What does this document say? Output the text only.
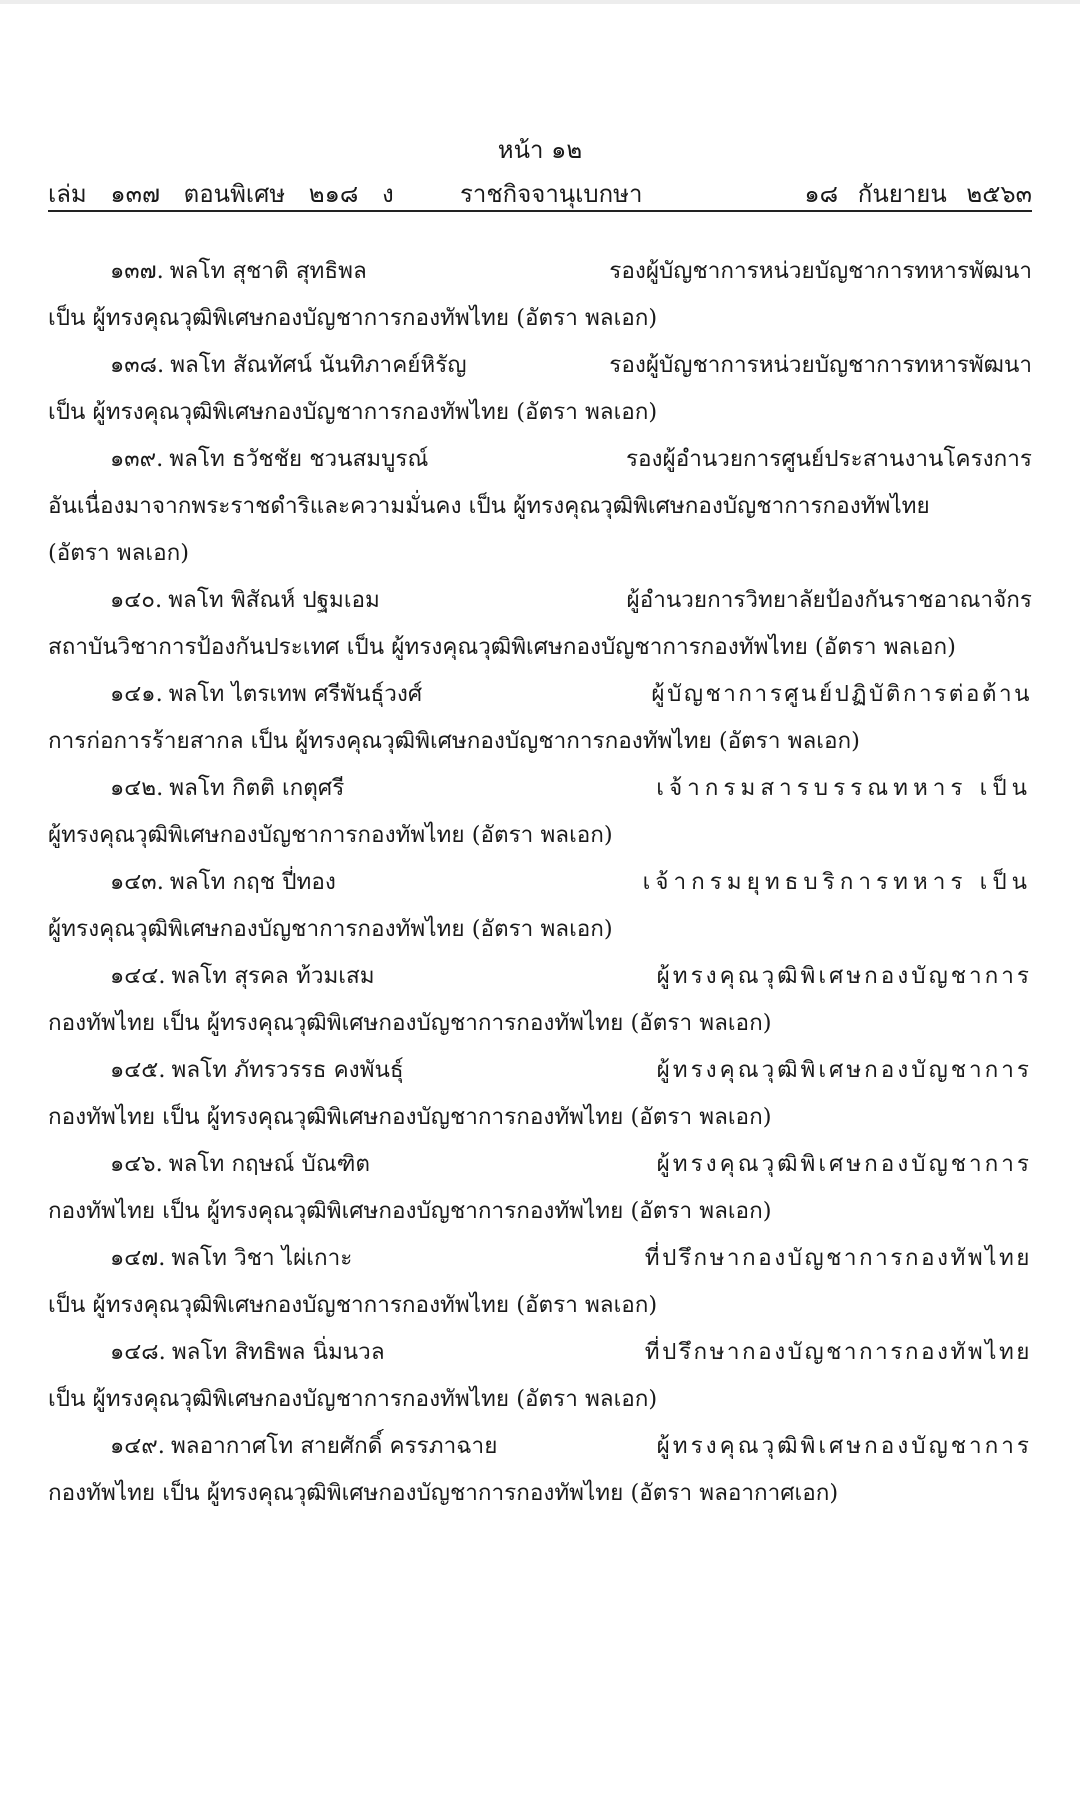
หน้า ๑๒
เล่ม ๑๓๗ ตอนพิเศษ ๒๑๘ ง	ราชกิจจานุเบกษา	๑๘ กันยายน ๒๕๖๓
๑๓๗. พลโท สุชาติ สุทธิพล	รองผู้บัญชาการหน่วยบัญชาการทหารพัฒนา
เป็น ผู้ทรงคุณวุฒิพิเศษกองบัญชาการกองทัพไทย (อัตรา พลเอก)
๑๓๘. พลโท สัณทัศน์ นันทิภาคย์หิรัญ	รองผู้บัญชาการหน่วยบัญชาการทหารพัฒนา
เป็น ผู้ทรงคุณวุฒิพิเศษกองบัญชาการกองทัพไทย (อัตรา พลเอก)
๑๓๙. พลโท ธวัชชัย ชวนสมบูรณ์	รองผู้อำนวยการศูนย์ประสานงานโครงการ
อันเนื่องมาจากพระราชดำริและความมั่นคง เป็น ผู้ทรงคุณวุฒิพิเศษกองบัญชาการกองทัพไทย
(อัตรา พลเอก)
๑๔๐. พลโท พิสัณห์ ปฐมเอม	ผู้อำนวยการวิทยาลัยป้องกันราชอาณาจักร
สถาบันวิชาการป้องกันประเทศ เป็น ผู้ทรงคุณวุฒิพิเศษกองบัญชาการกองทัพไทย (อัตรา พลเอก)
๑๔๑. พลโท ไตรเทพ ศรีพันธุ์วงศ์	ผู้บัญชาการศูนย์ปฏิบัติการต่อต้าน
การก่อการร้ายสากล เป็น ผู้ทรงคุณวุฒิพิเศษกองบัญชาการกองทัพไทย (อัตรา พลเอก)
๑๔๒. พลโท กิตติ เกตุศรี	เจ้ากรมสารบรรณทหาร เป็น
ผู้ทรงคุณวุฒิพิเศษกองบัญชาการกองทัพไทย (อัตรา พลเอก)
๑๔๓. พลโท กฤช ปี่ทอง	เจ้ากรมยุทธบริการทหาร เป็น
ผู้ทรงคุณวุฒิพิเศษกองบัญชาการกองทัพไทย (อัตรา พลเอก)
๑๔๔. พลโท สุรคล ท้วมเสม	ผู้ทรงคุณวุฒิพิเศษกองบัญชาการ
กองทัพไทย เป็น ผู้ทรงคุณวุฒิพิเศษกองบัญชาการกองทัพไทย (อัตรา พลเอก)
๑๔๕. พลโท ภัทรวรรธ คงพันธุ์	ผู้ทรงคุณวุฒิพิเศษกองบัญชาการ
กองทัพไทย เป็น ผู้ทรงคุณวุฒิพิเศษกองบัญชาการกองทัพไทย (อัตรา พลเอก)
๑๔๖. พลโท กฤษณ์ บัณฑิต	ผู้ทรงคุณวุฒิพิเศษกองบัญชาการ
กองทัพไทย เป็น ผู้ทรงคุณวุฒิพิเศษกองบัญชาการกองทัพไทย (อัตรา พลเอก)
๑๔๗. พลโท วิชา ไผ่เกาะ	ที่ปรึกษากองบัญชาการกองทัพไทย
เป็น ผู้ทรงคุณวุฒิพิเศษกองบัญชาการกองทัพไทย (อัตรา พลเอก)
๑๔๘. พลโท สิทธิพล นิ่มนวล	ที่ปรึกษากองบัญชาการกองทัพไทย
เป็น ผู้ทรงคุณวุฒิพิเศษกองบัญชาการกองทัพไทย (อัตรา พลเอก)
๑๔๙. พลอากาศโท สายศักดิ์ ครรภาฉาย	ผู้ทรงคุณวุฒิพิเศษกองบัญชาการ
กองทัพไทย เป็น ผู้ทรงคุณวุฒิพิเศษกองบัญชาการกองทัพไทย (อัตรา พลอากาศเอก)
